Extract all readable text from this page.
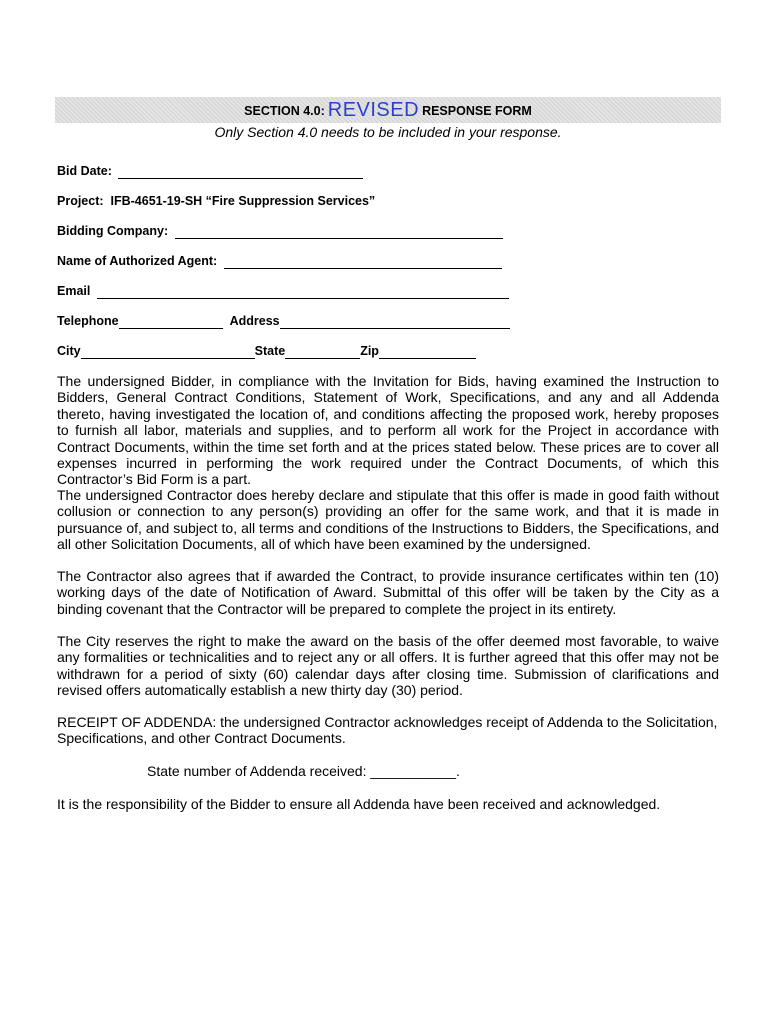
SECTION 4.0: REVISED RESPONSE FORM
Only Section 4.0 needs to be included in your response.
Bid Date:
Project: IFB-4651-19-SH “Fire Suppression Services”
Bidding Company:
Name of Authorized Agent:
Email
Telephone	Address
City	State	Zip
The undersigned Bidder, in compliance with the Invitation for Bids, having examined the Instruction to Bidders, General Contract Conditions, Statement of Work, Specifications, and any and all Addenda thereto, having investigated the location of, and conditions affecting the proposed work, hereby proposes to furnish all labor, materials and supplies, and to perform all work for the Project in accordance with Contract Documents, within the time set forth and at the prices stated below. These prices are to cover all expenses incurred in performing the work required under the Contract Documents, of which this Contractor’s Bid Form is a part.
The undersigned Contractor does hereby declare and stipulate that this offer is made in good faith without collusion or connection to any person(s) providing an offer for the same work, and that it is made in pursuance of, and subject to, all terms and conditions of the Instructions to Bidders, the Specifications, and all other Solicitation Documents, all of which have been examined by the undersigned.
The Contractor also agrees that if awarded the Contract, to provide insurance certificates within ten (10) working days of the date of Notification of Award. Submittal of this offer will be taken by the City as a binding covenant that the Contractor will be prepared to complete the project in its entirety.
The City reserves the right to make the award on the basis of the offer deemed most favorable, to waive any formalities or technicalities and to reject any or all offers. It is further agreed that this offer may not be withdrawn for a period of sixty (60) calendar days after closing time. Submission of clarifications and revised offers automatically establish a new thirty day (30) period.
RECEIPT OF ADDENDA: the undersigned Contractor acknowledges receipt of Addenda to the Solicitation, Specifications, and other Contract Documents.
State number of Addenda received: ___________.
It is the responsibility of the Bidder to ensure all Addenda have been received and acknowledged.
